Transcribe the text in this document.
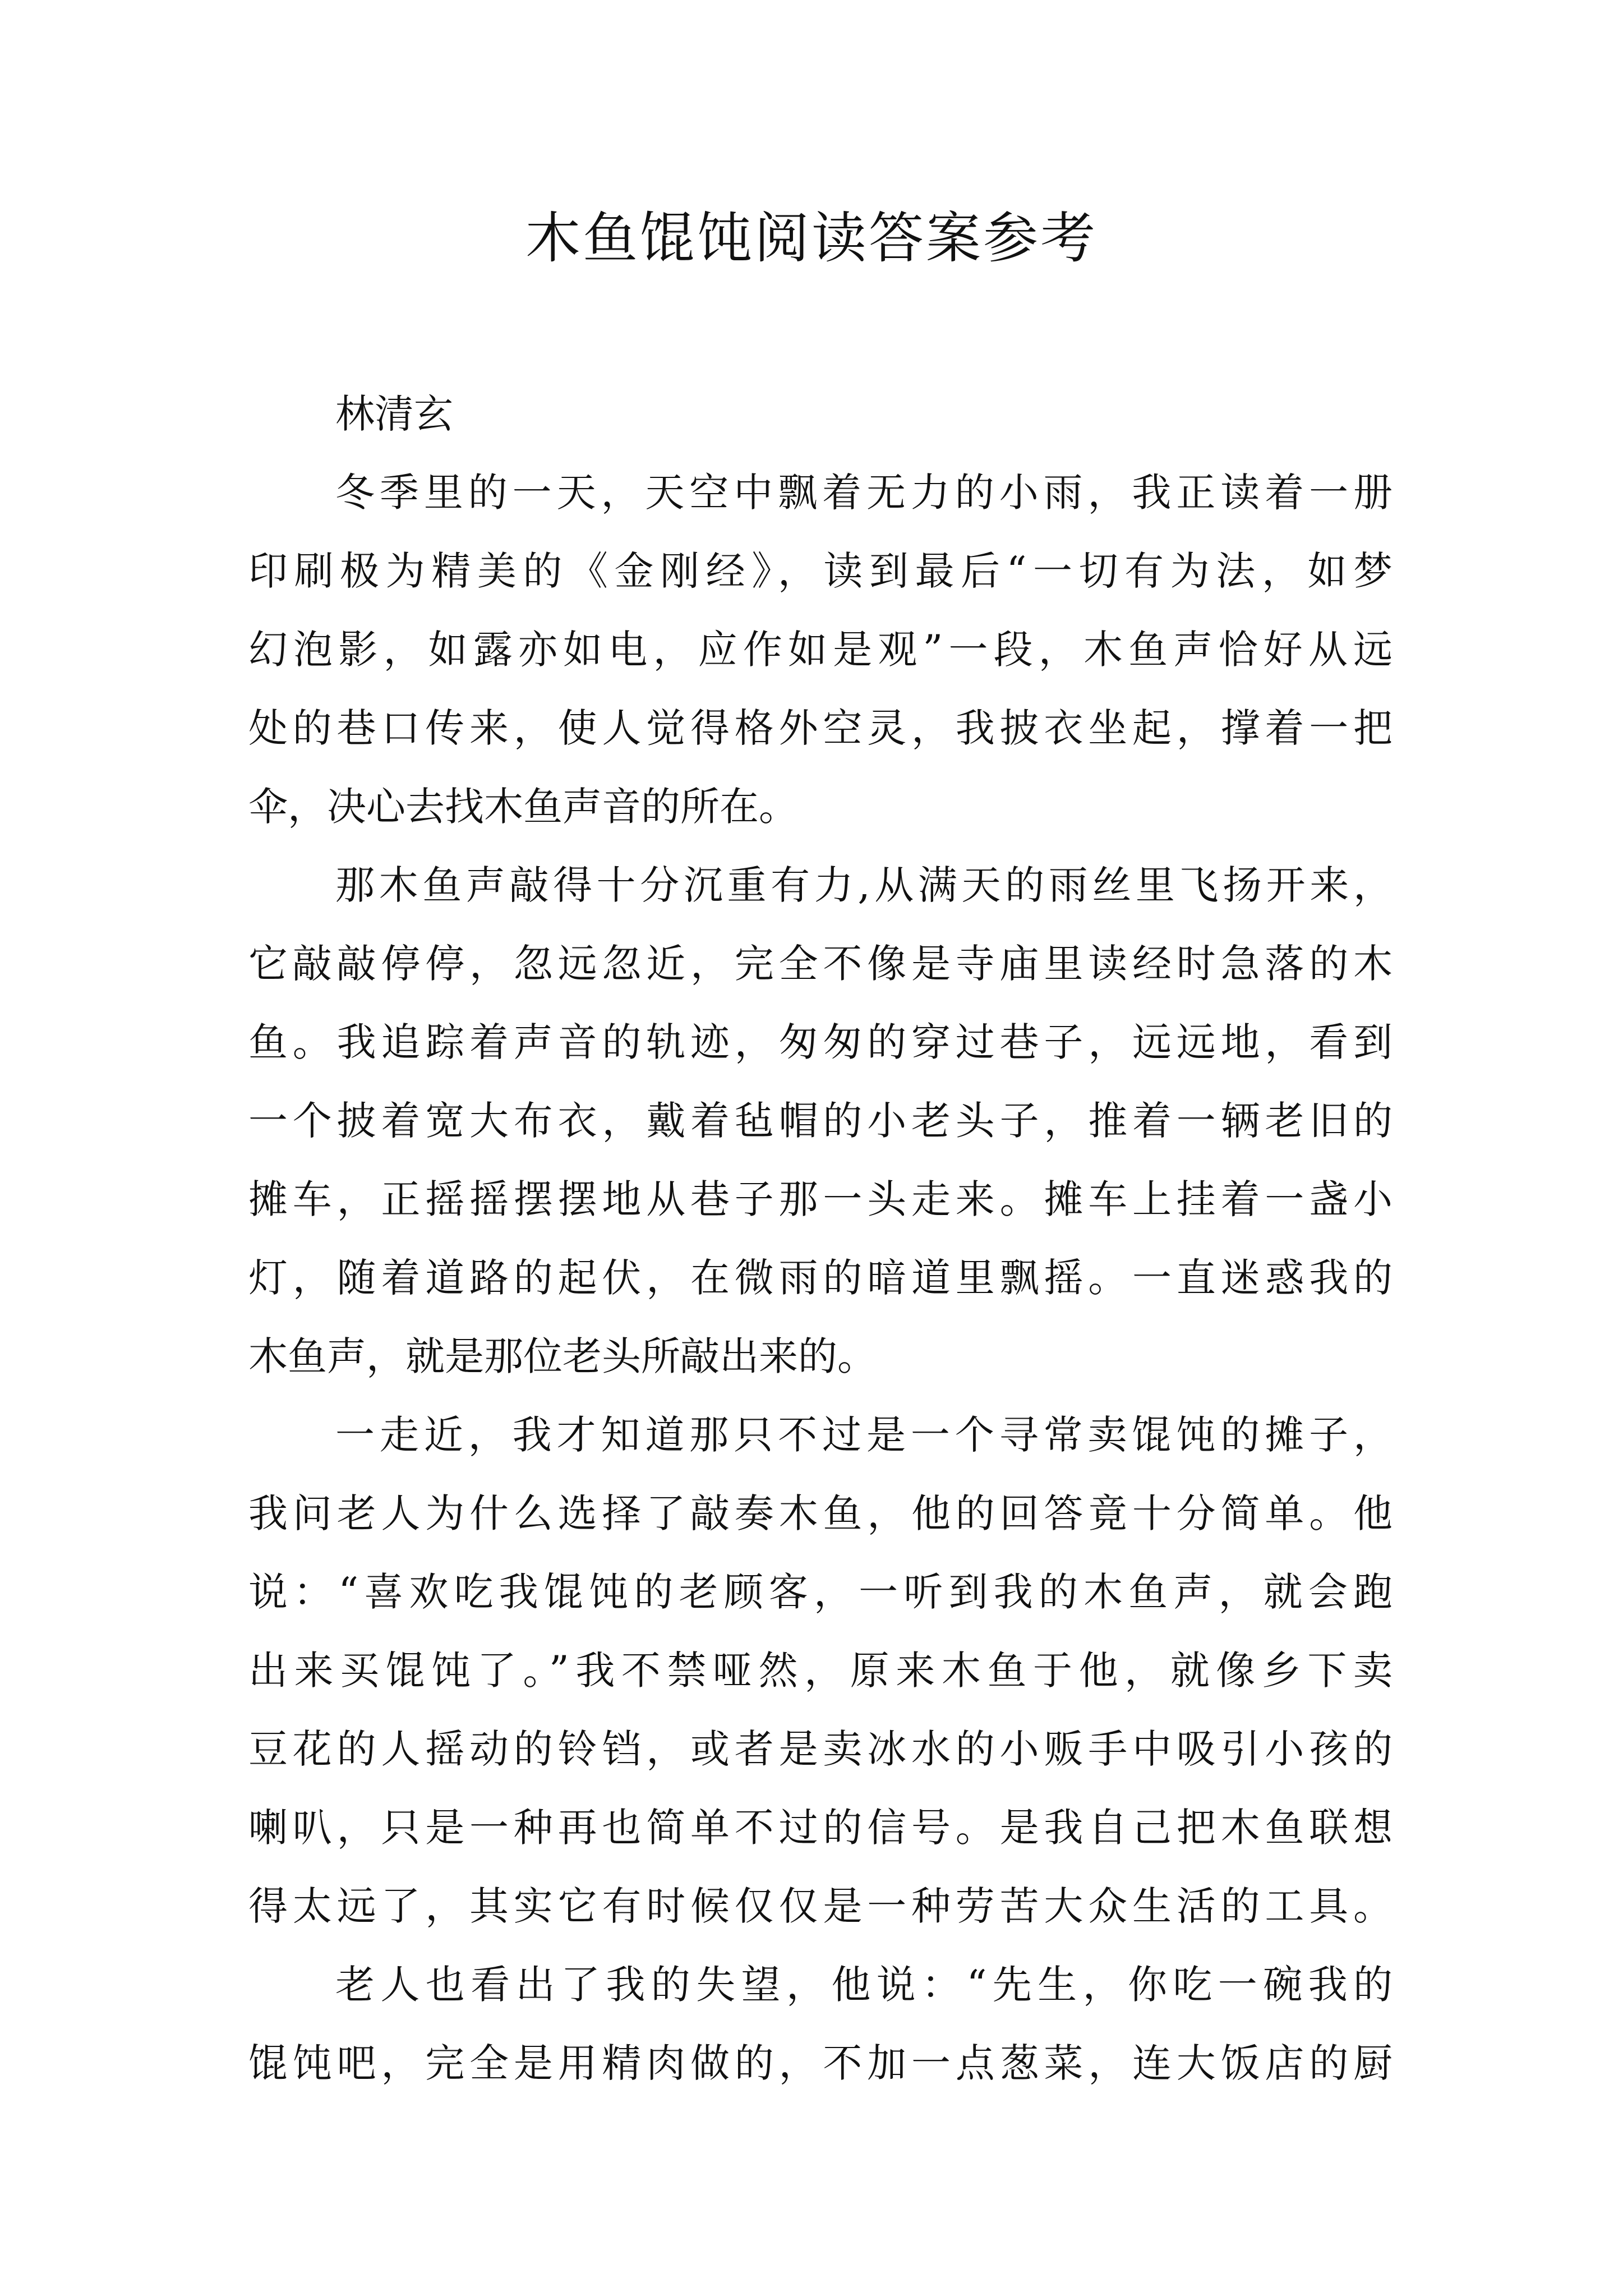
木鱼馄饨阅读答案参考
林清玄
冬季里的一天，天空中飘着无力的小雨，我正读着一册
印刷极为精美的《金刚经》，读到最后“一切有为法，如梦
幻泡影，如露亦如电，应作如是观”一段，木鱼声恰好从远
处的巷口传来，使人觉得格外空灵，我披衣坐起，撑着一把
伞，决心去找木鱼声音的所在。
那木鱼声敲得十分沉重有力,从满天的雨丝里飞扬开来，
它敲敲停停，忽远忽近，完全不像是寺庙里读经时急落的木
鱼。我追踪着声音的轨迹，匆匆的穿过巷子，远远地，看到
一个披着宽大布衣，戴着毡帽的小老头子，推着一辆老旧的
摊车，正摇摇摆摆地从巷子那一头走来。摊车上挂着一盏小
灯，随着道路的起伏，在微雨的暗道里飘摇。一直迷惑我的
木鱼声，就是那位老头所敲出来的。
一走近，我才知道那只不过是一个寻常卖馄饨的摊子，
我问老人为什么选择了敲奏木鱼，他的回答竟十分简单。他
说：“喜欢吃我馄饨的老顾客，一听到我的木鱼声，就会跑
出来买馄饨了。”我不禁哑然，原来木鱼于他，就像乡下卖
豆花的人摇动的铃铛，或者是卖冰水的小贩手中吸引小孩的
喇叭，只是一种再也简单不过的信号。是我自己把木鱼联想
得太远了，其实它有时候仅仅是一种劳苦大众生活的工具。
老人也看出了我的失望，他说：“先生，你吃一碗我的
馄饨吧，完全是用精肉做的，不加一点葱菜，连大饭店的厨
